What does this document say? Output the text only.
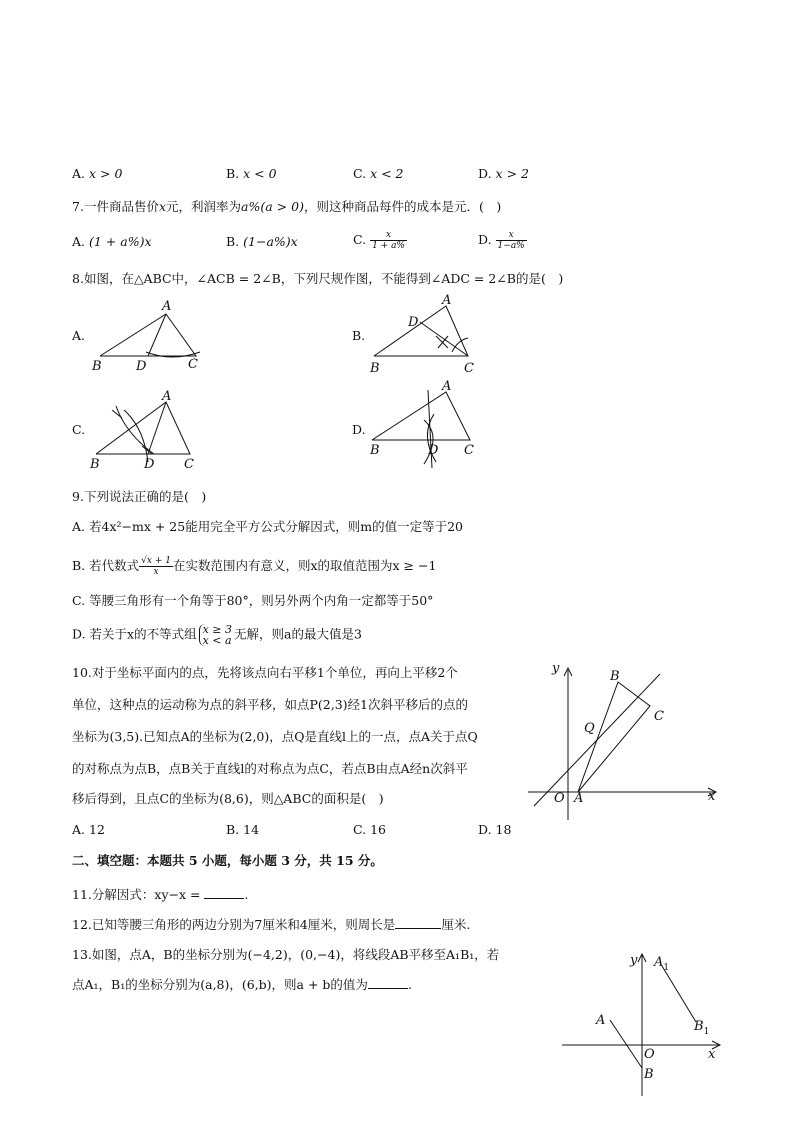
A. x > 0	B. x < 0	C. x < 2	D. x > 2
7.一件商品售价x元，利润率为a%(a > 0)，则这种商品每件的成本是元．(　)
A. (1 + a%)x	B. (1−a%)x	C. $\frac{x}{1 + a\%}$	D. $\frac{x}{1-a\%}$
8.如图，在△ABC中，∠ACB = 2∠B，下列尺规作图，不能得到∠ADC = 2∠B的是(　)
A.
B
A
D	C
B.
B
A
D
C
C.
B
A
D C
D.
B
A
D C
9.下列说法正确的是(　)
A. 若4x²−mx + 25能用完全平方公式分解因式，则m的值一定等于20
B. 若代数式 $\frac{√x + 1}{x}$ 在实数范围内有意义，则x的取值范围为x ≥ −1
C. 等腰三角形有一个角等于80°，则另外两个内角一定都等于50°
D. 若关于x的不等式组 x ≥ 3
x < a 无解，则a的最大值是3
10.对于坐标平面内的点，先将该点向右平移1个单位，再向上平移2个
单位，这种点的运动称为点的斜平移，如点P(2,3)经1次斜平移后的点的
坐标为(3,5).已知点A的坐标为(2,0)，点Q是直线l上的一点，点A关于点Q
的对称点为点B，点B关于直线l的对称点为点C，若点B由点A经n次斜平
移后得到，且点C的坐标为(8,6)，则△ABC的面积是(　)
y
x
O A
B
C
Q
A. 12	B. 14	C. 16	D. 18
二、填空题：本题共 5 小题，每小题 3 分，共 15 分。
11.分解因式：xy−x =	.
12.已知等腰三角形的两边分别为7厘米和4厘米，则周长是	厘米.
13.如图，点A，B的坐标分别为(−4,2)，(0,−4)，将线段AB平移至A₁B₁，若
点A₁，B₁的坐标分别为(a,8)，(6,b)，则a + b的值为	.
y
x
O
A
B
$A_1$
$B_1$
